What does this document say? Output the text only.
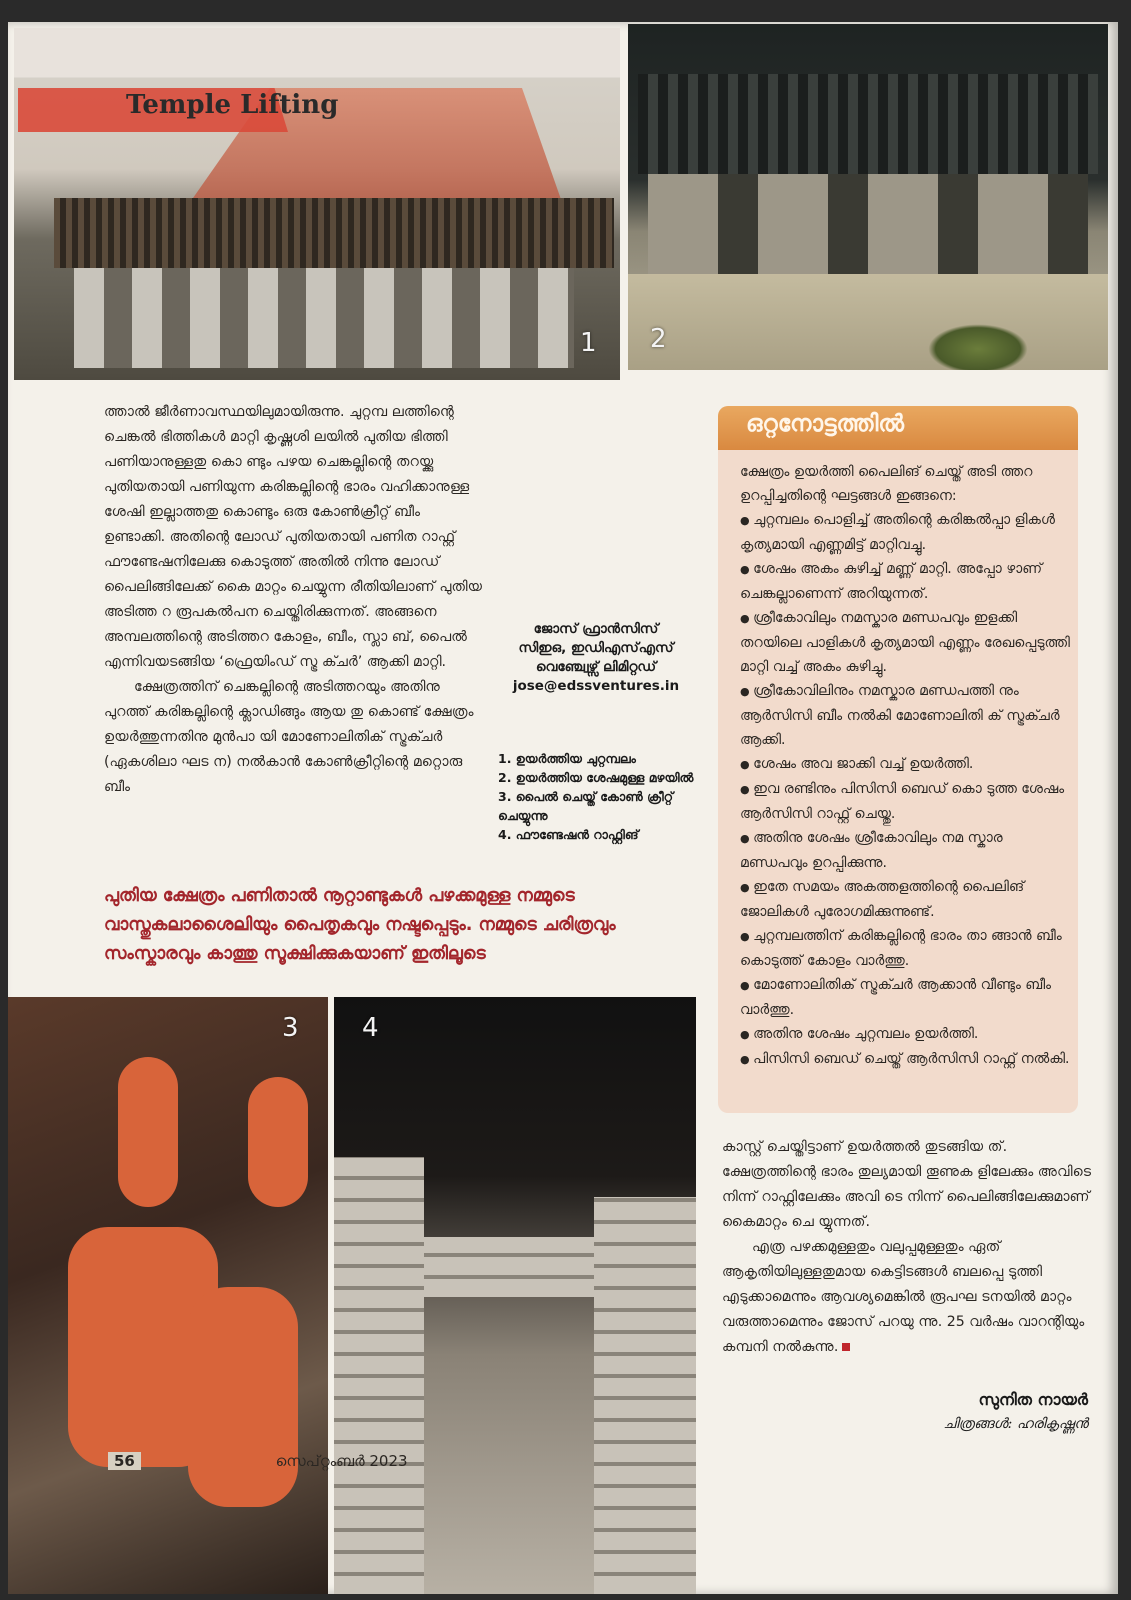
Temple Lifting
1 2

ത്താൽ ജീർണാവസ്ഥയിലുമായിരുന്നു. ചുറ്റമ്പ ലത്തിന്റെ ചെങ്കൽ ഭിത്തികൾ മാറ്റി കൃഷ്ണശി ലയിൽ പുതിയ ഭിത്തി പണിയാനുള്ളതു കൊ ണ്ടും പഴയ ചെങ്കല്ലിന്റെ തറയ്ക്കു പുതിയതായി പണിയുന്ന കരിങ്കല്ലിന്റെ ഭാരം വഹിക്കാനുള്ള ശേഷി ഇല്ലാത്തതു കൊണ്ടും ഒരു കോൺക്രീറ്റ് ബീം ഉണ്ടാക്കി. അതിന്റെ ലോഡ് പുതിയതായി പണിത റാഫ്റ്റ് ഫൗണ്ടേഷനിലേക്കു കൊടുത്ത് അതിൽ നിന്നു ലോഡ് പൈലിങ്ങിലേക്ക് കൈ മാറ്റം ചെയ്യുന്ന രീതിയിലാണ് പുതിയ അടിത്ത റ രൂപകൽപന ചെയ്തിരിക്കുന്നത്. അങ്ങനെ അമ്പലത്തിന്റെ അടിത്തറ കോളം, ബീം, സ്ലാ ബ്, പൈൽ എന്നിവയടങ്ങിയ ‘ഫ്രെയിംഡ് സ്ട്ര ക്ചർ’ ആക്കി മാറ്റി.

ക്ഷേത്രത്തിന് ചെങ്കല്ലിന്റെ അടിത്തറയും അതിനു പുറത്ത് കരിങ്കല്ലിന്റെ ക്ലാഡിങ്ങും ആയ തു കൊണ്ട് ക്ഷേത്രം ഉയർത്തുന്നതിനു മുൻപാ യി മോണോലിതിക് സ്ട്രക്ചർ (ഏകശിലാ ഘട ന) നൽകാൻ കോൺക്രീറ്റിന്റെ മറ്റൊരു ബീം

ജോസ് ഫ്രാൻസിസ്
സിഇഒ, ഇഡിഎസ്എസ്
വെഞ്ച്വേഴ്സ് ലിമിറ്റഡ്
jose@edssventures.in

1. ഉയർത്തിയ ചുറ്റമ്പലം

2. ഉയർത്തിയ ശേഷമുള്ള മഴയിൽ

3. പൈൽ ചെയ്ത് കോൺ ക്രീറ്റ് ചെയ്യുന്നു

4. ഫൗണ്ടേഷൻ റാഫ്റ്റിങ്

പുതിയ ക്ഷേത്രം പണിതാൽ നൂറ്റാണ്ടുകൾ പഴക്കമുള്ള നമ്മുടെ വാസ്തുകലാശൈലിയും പൈതൃകവും നഷ്ടപ്പെടും. നമ്മുടെ ചരിത്രവും സംസ്കാരവും കാത്തു സൂക്ഷിക്കുകയാണ് ഇതിലൂടെ

ഒറ്റനോട്ടത്തിൽ
ക്ഷേത്രം ഉയർത്തി പൈലിങ് ചെയ്ത് അടി ത്തറ ഉറപ്പിച്ചതിന്റെ ഘട്ടങ്ങൾ ഇങ്ങനെ:
● ചുറ്റമ്പലം പൊളിച്ച് അതിന്റെ കരിങ്കൽപ്പാ ളികൾ കൃത്യമായി എണ്ണമിട്ട് മാറ്റിവച്ചു.
● ശേഷം അകം കുഴിച്ച് മണ്ണ് മാറ്റി. അപ്പോ ഴാണ് ചെങ്കല്ലാണെന്ന് അറിയുന്നത്.
● ശ്രീകോവിലും നമസ്കാര മണ്ഡപവും ഇളക്കി തറയിലെ പാളികൾ കൃത്യമായി എണ്ണം രേഖപ്പെടുത്തി മാറ്റി വച്ച് അകം കുഴിച്ചു.
● ശ്രീകോവിലിനും നമസ്കാര മണ്ഡപത്തി നും ആർസിസി ബീം നൽകി മോണോലിതി ക് സ്ട്രക്ചർ ആക്കി.
● ശേഷം അവ ജാക്കി വച്ച് ഉയർത്തി.
● ഇവ രണ്ടിനും പിസിസി ബെഡ് കൊ ടുത്ത ശേഷം ആർസിസി റാഫ്റ്റ് ചെയ്തു.
● അതിനു ശേഷം ശ്രീകോവിലും നമ സ്കാര മണ്ഡപവും ഉറപ്പിക്കുന്നു.
● ഇതേ സമയം അകത്തളത്തിന്റെ പൈലിങ് ജോലികൾ പുരോഗമിക്കുന്നുണ്ട്.
● ചുറ്റമ്പലത്തിന് കരിങ്കല്ലിന്റെ ഭാരം താ ങ്ങാൻ ബീം കൊടുത്ത് കോളം വാർത്തു.
● മോണോലിതിക് സ്ട്രക്ചർ ആക്കാൻ വീണ്ടും ബീം വാർത്തു.
● അതിനു ശേഷം ചുറ്റമ്പലം ഉയർത്തി.
● പിസിസി ബെഡ് ചെയ്ത് ആർസിസി റാഫ്റ്റ് നൽകി.
3 4

കാസ്റ്റ് ചെയ്തിട്ടാണ് ഉയർത്തൽ തുടങ്ങിയ ത്. ക്ഷേത്രത്തിന്റെ ഭാരം തുല്യമായി തൂണുക ളിലേക്കും അവിടെ നിന്ന് റാഫ്റ്റിലേക്കും അവി ടെ നിന്ന് പൈലിങ്ങിലേക്കുമാണ് കൈമാറ്റം ചെ യ്യുന്നത്.

എത്ര പഴക്കമുള്ളതും വലുപ്പമുള്ളതും ഏത് ആകൃതിയിലുള്ളതുമായ കെട്ടിടങ്ങൾ ബലപ്പെ ടുത്തി എടുക്കാമെന്നും ആവശ്യമെങ്കിൽ രൂപഘ ടനയിൽ മാറ്റം വരുത്താമെന്നും ജോസ് പറയു ന്നു. 25 വർഷം വാറന്റിയും കമ്പനി നൽകുന്നു.

സുനിത നായർ
ചിത്രങ്ങൾ: ഹരികൃഷ്ണൻ
56	സെപ്റ്റംബർ 2023
